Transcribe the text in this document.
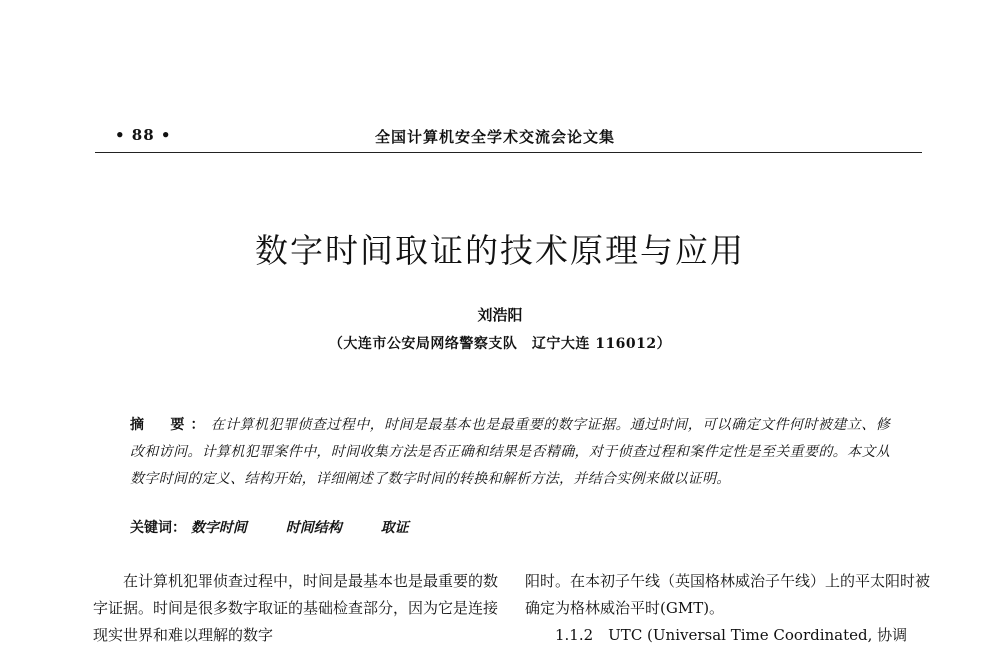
• 88 •	全国计算机安全学术交流会论文集
数字时间取证的技术原理与应用
刘浩阳
（大连市公安局网络警察支队　辽宁大连 116012）
摘　要：在计算机犯罪侦查过程中，时间是最基本也是最重要的数字证据。通过时间，可以确定文件何时被建立、修改和访问。计算机犯罪案件中，时间收集方法是否正确和结果是否精确，对于侦查过程和案件定性是至关重要的。本文从数字时间的定义、结构开始，详细阐述了数字时间的转换和解析方法，并结合实例来做以证明。
关键词： 数字时间	时间结构	取证

在计算机犯罪侦查过程中，时间是最基本也是最重要的数字证据。时间是很多数字取证的基础检查部分，因为它是连接现实世界和难以理解的数字

阳时。在本初子午线（英国格林威治子午线）上的平太阳时被确定为格林威治平时(GMT)。

1.1.2　UTC (Universal Time Coordinated, 协调
